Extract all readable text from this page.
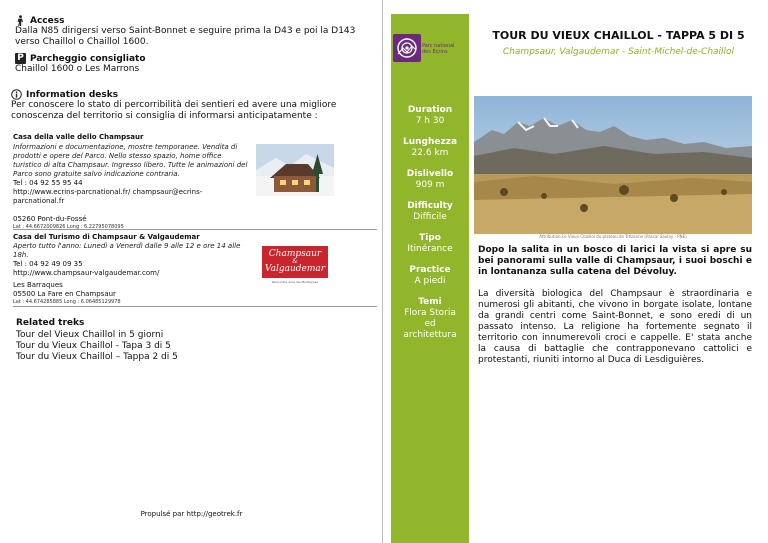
Access
Dalla N85 dirigersi verso Saint-Bonnet e seguire prima la D43 e poi la D143 verso Chaillol o Chaillol 1600.
P Parcheggio consigliato
Chaillol 1600 o Les Marrons
Information desks
Per conoscere lo stato di percorribilità dei sentieri ed avere una migliore conoscenza del territorio si consiglia di informarsi anticipatamente :
Casa della valle dello Champsaur
Informazioni e documentazione, mostre temporanee. Vendita di prodotti e opere del Parco. Nello stesso spazio, home office turistico di alta Champsaur. Ingresso libero. Tutte le animazioni del Parco sono gratuite salvo indicazione contraria.
Tel : 04 92 55 95 44
http://www.ecrins-parcnational.fr/ champsaur@ecrins-parcnational.fr
05260 Pont-du-Fossé
Lat : 44.6672009826 Long : 6.22795078095
Casa del Turismo di Champsaur & Valgaudemar
Aperto tutto l'anno: Lunedì a Venerdì dalle 9 alle 12 e ore 14 alle 18h.
Tel : 04 92 49 09 35
http://www.champsaur-valgaudemar.com/
Les Barraques
05500 La Fare en Champsaur
Lat : 44.674285885 Long : 6.06485129978
Champsaur
&
Valgaudemar
Rencontre avec les Montagnes
Related treks
Tour del Vieux Chaillol in 5 giorni
Tour du Vieux Chaillol - Tapa 3 di 5
Tour du Vieux Chaillol – Tappa 2 di 5
Propulsé par http://geotrek.fr
Parc national
des Ecrins
TOUR DU VIEUX CHAILLOL - TAPPA 5 DI 5
Champsaur, Valgaudemar - Saint-Michel-de-Chaillol
Duration
7 h 30
Lunghezza
22.6 km
Dislivello
909 m
Difficulty
Difficile
Tipo
Itinérance
Practice
A piedi
Temi
Flora Storia ed architettura
Attribution:Le Vieux Chaillol du plateau de Trézanne (Pascal Saulay - PNE)
Dopo la salita in un bosco di larici la vista si apre su bei panorami sulla valle di Champsaur, i suoi boschi e in lontananza sulla catena del Dévoluy.
La diversità biologica del Champsaur è straordinaria e numerosi gli abitanti, che vivono in borgate isolate, lontane da grandi centri come Saint-Bonnet, e sono eredi di un passato intenso. La religione ha fortemente segnato il territorio con innumerevoli croci e cappelle. E' stata anche la causa di battaglie che contrapponevano cattolici e protestanti, riuniti intorno al Duca di Lesdiguières.
